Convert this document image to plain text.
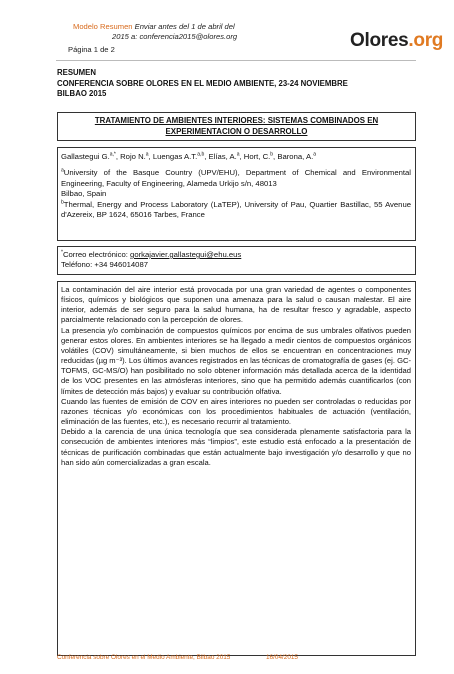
Modelo Resumen Enviar antes del 1 de abril del
2015 a: conferencia2015@olores.org
Página 1 de 2	Olores.org
RESUMEN
CONFERENCIA SOBRE OLORES EN EL MEDIO AMBIENTE, 23-24 NOVIEMBRE
BILBAO 2015
TRATAMIENTO DE AMBIENTES INTERIORES: SISTEMAS COMBINADOS EN
EXPERIMENTACION O DESARROLLO
Gallastegui G.$^{a,*}$, Rojo N.$^a$, Luengas A.T.$^{a,b}$, Elías, A.$^a$, Hort, C.$^b$, Barona, A.$^a$
$^a$University of the Basque Country (UPV/EHU), Department of Chemical and Environmental Engineering, Faculty of Engineering, Alameda Urkijo s/n, 48013
Bilbao, Spain
$^b$Thermal, Energy and Process Laboratory (LaTEP), University of Pau, Quartier Bastillac, 55 Avenue d'Azereix, BP 1624, 65016 Tarbes, France
*Correo electrónico: gorkajavier.gallastegui@ehu.eus
Teléfono: +34 946014087

La contaminación del aire interior está provocada por una gran variedad de agentes o componentes físicos, químicos y biológicos que suponen una amenaza para la salud o causan malestar. El aire interior, además de ser seguro para la salud humana, ha de resultar fresco y agradable, aspecto parcialmente relacionado con la percepción de olores.

La presencia y/o combinación de compuestos químicos por encima de sus umbrales olfativos pueden generar estos olores. En ambientes interiores se ha llegado a medir cientos de compuestos orgánicos volátiles (COV) simultáneamente, si bien muchos de ellos se encuentran en concentraciones muy reducidas (µg m⁻³). Los últimos avances registrados en las técnicas de cromatografía de gases (ej. GC-TOFMS, GC-MS/O) han posibilitado no solo obtener información más detallada acerca de la identidad de los VOC presentes en las atmósferas interiores, sino que ha permitido además cuantificarlos (con límites de detección más bajos) y evaluar su contribución olfativa.

Cuando las fuentes de emisión de COV en aires interiores no pueden ser controladas o reducidas por razones técnicas y/o económicas con los procedimientos habituales de actuación (ventilación, eliminación de las fuentes, etc.), es necesario recurrir al tratamiento.

Debido a la carencia de una única tecnología que sea considerada plenamente satisfactoria para la consecución de ambientes interiores más “limpios”, este estudio está enfocado a la presentación de técnicas de purificación combinadas que están actualmente bajo investigación y/o desarrollo y que no han sido aún comercializadas a gran escala.

Conferencia sobre Olores en el Medio Ambiente, Bilbao 2015	16/04/2015
